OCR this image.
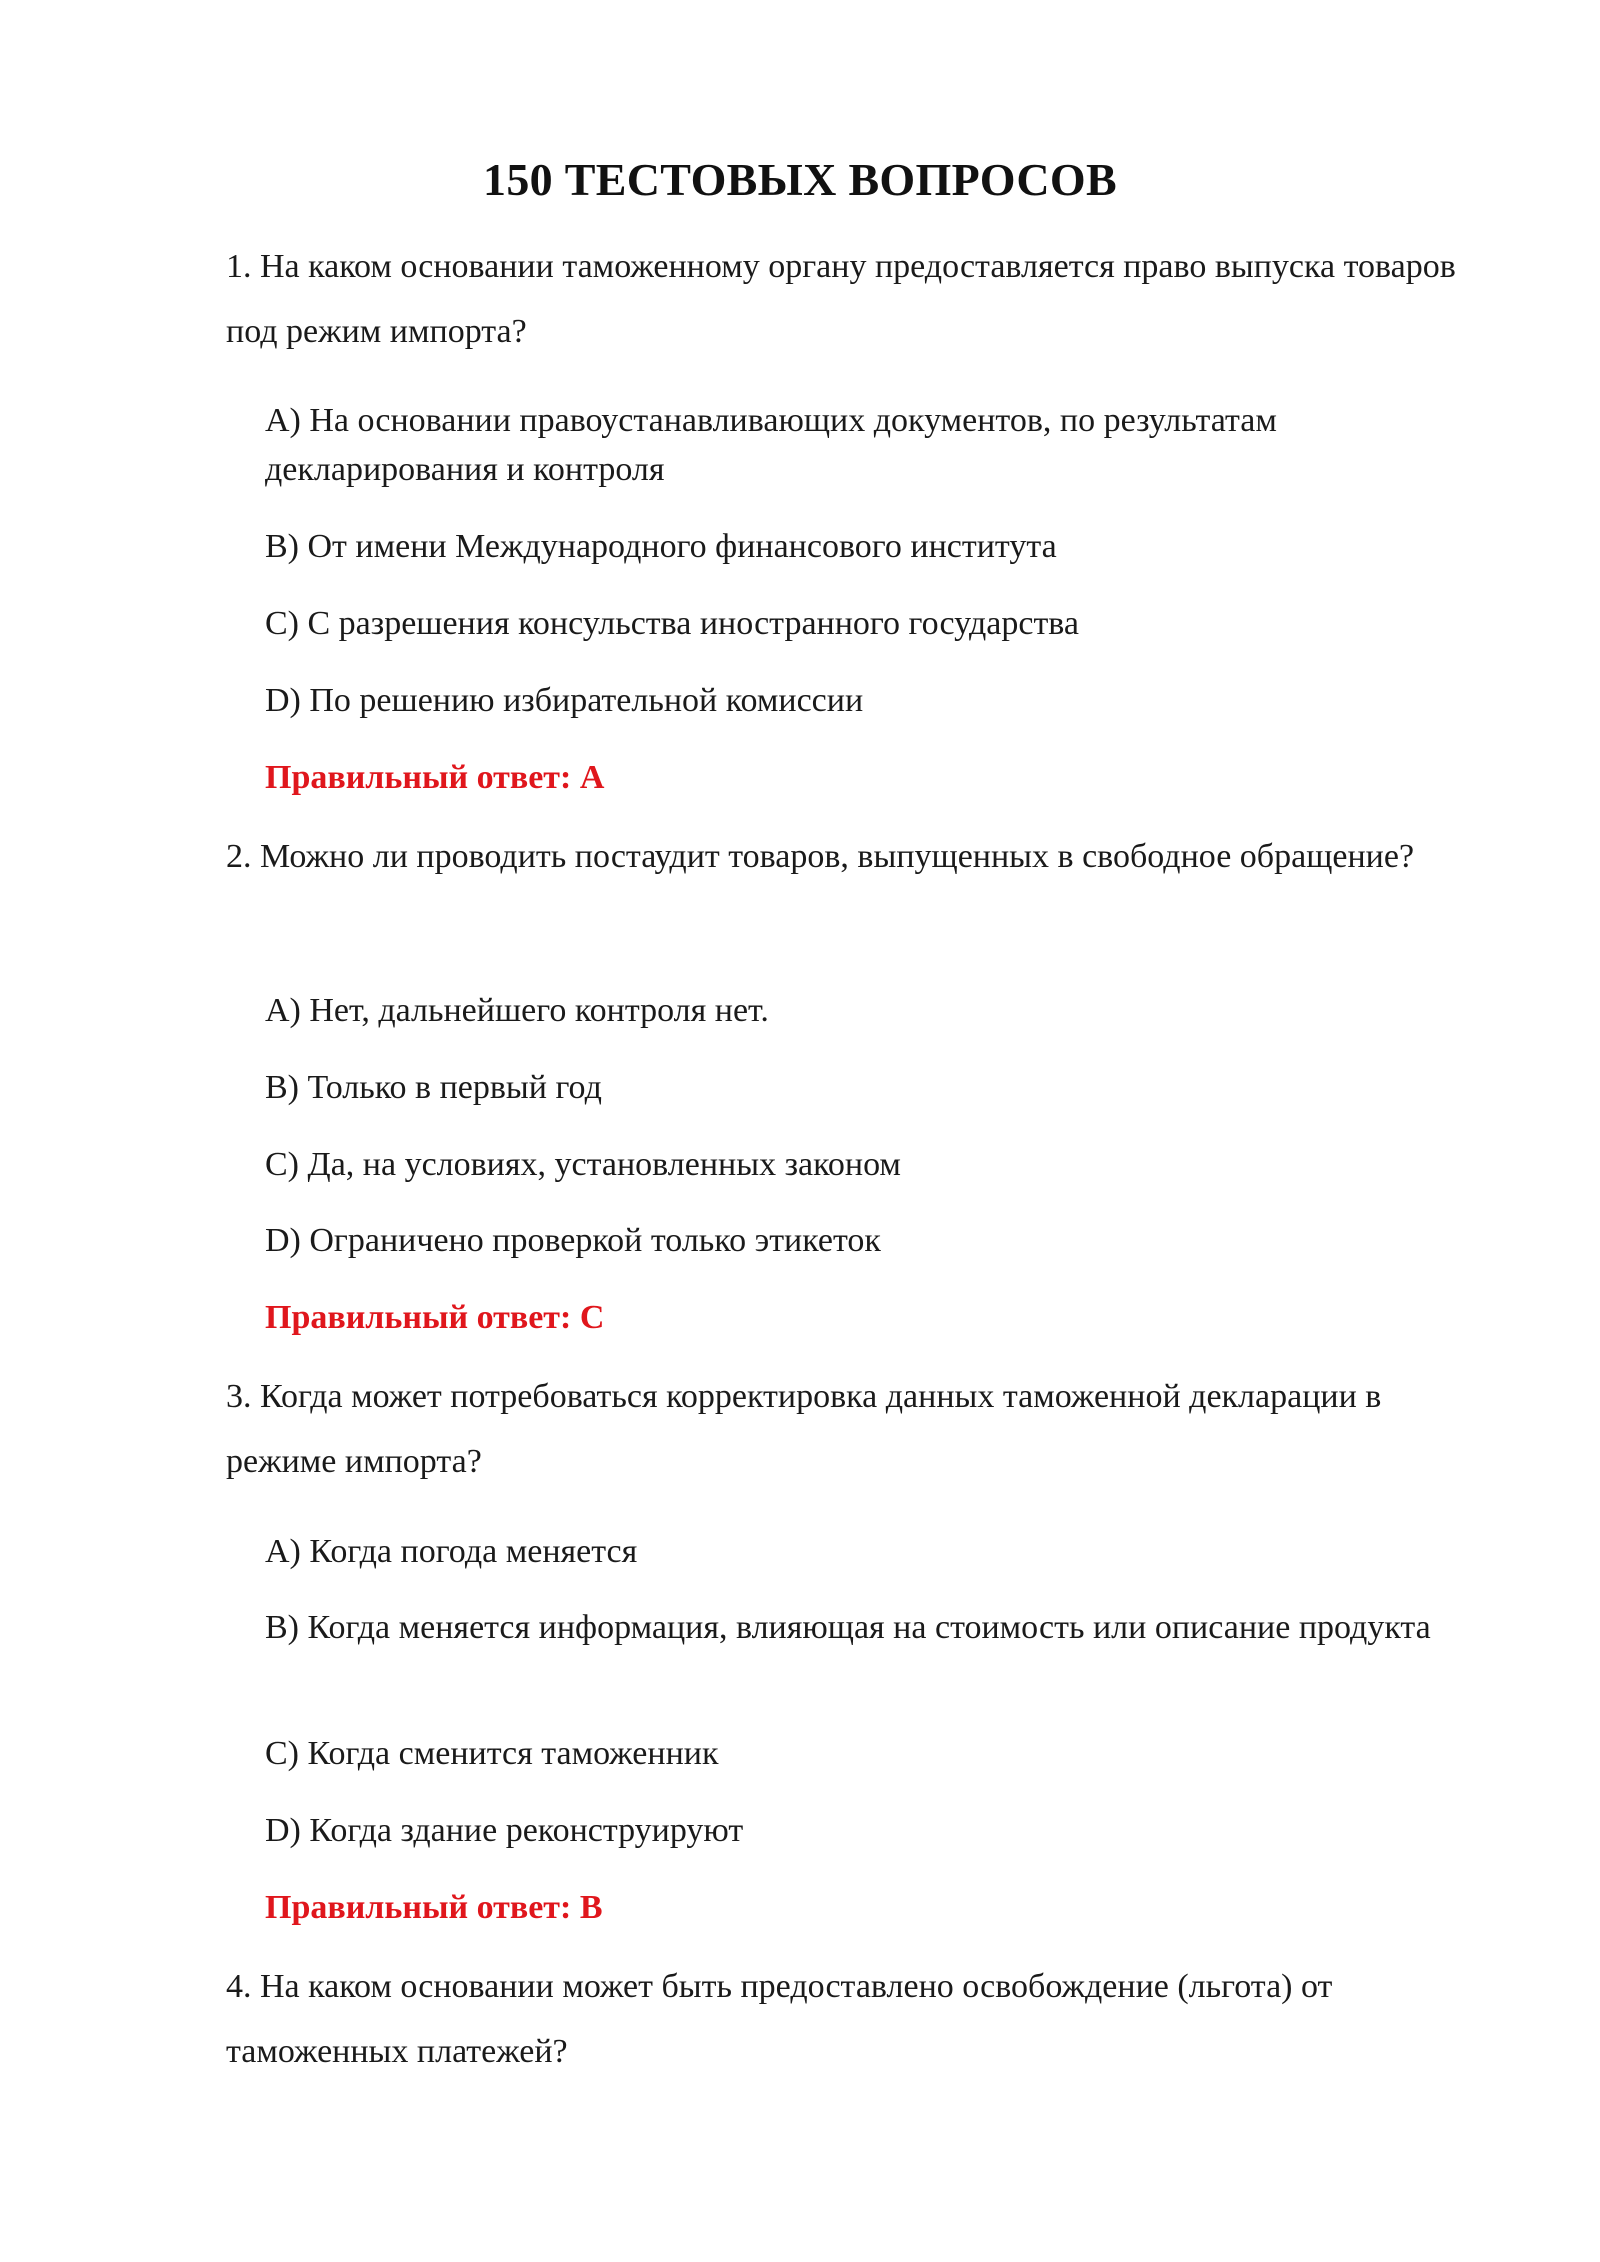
150 ТЕСТОВЫХ ВОПРОСОВ
1. На каком основании таможенному органу предоставляется право выпуска товаров под режим импорта?
A) На основании правоустанавливающих документов, по результатам декларирования и контроля
B) От имени Международного финансового института
C) С разрешения консульства иностранного государства
D) По решению избирательной комиссии
Правильный ответ: A
2. Можно ли проводить постаудит товаров, выпущенных в свободное обращение?
A) Нет, дальнейшего контроля нет.
B) Только в первый год
C) Да, на условиях, установленных законом
D) Ограничено проверкой только этикеток
Правильный ответ: C
3. Когда может потребоваться корректировка данных таможенной декларации в режиме импорта?
A) Когда погода меняется
B) Когда меняется информация, влияющая на стоимость или описание продукта
C) Когда сменится таможенник
D) Когда здание реконструируют
Правильный ответ: B
4. На каком основании может быть предоставлено освобождение (льгота) от таможенных платежей?
